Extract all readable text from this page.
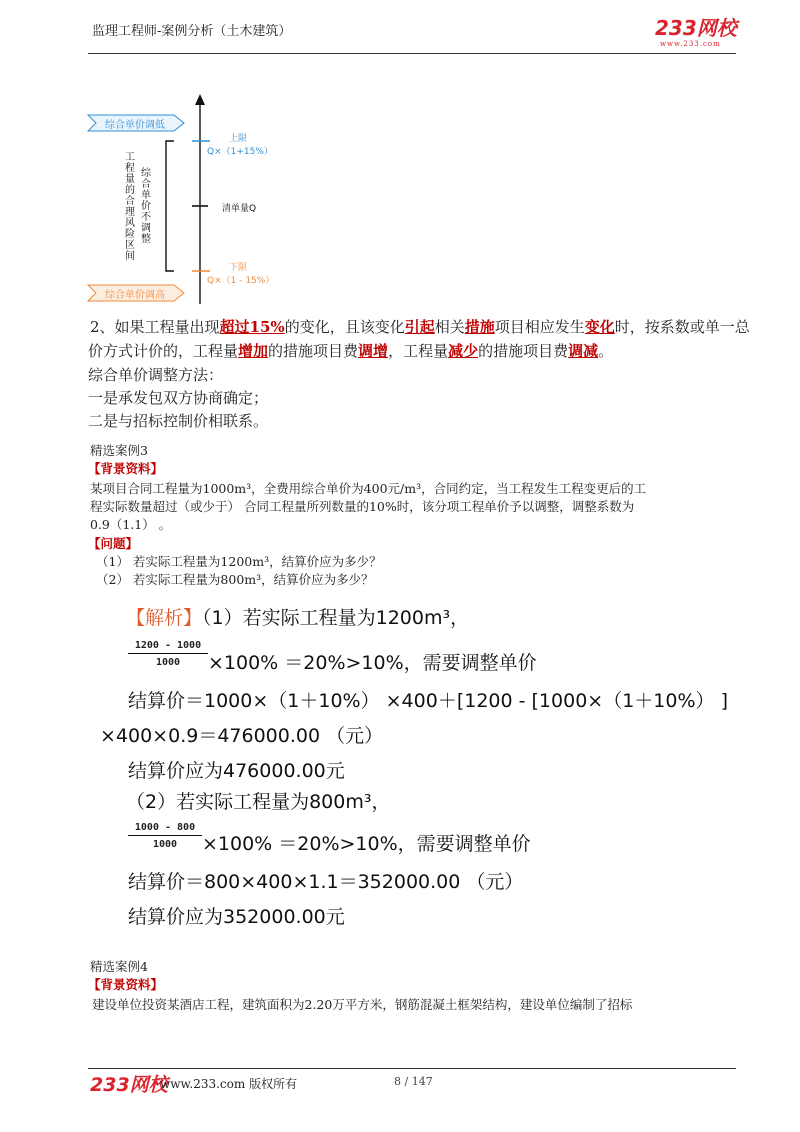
监理工程师-案例分析（土木建筑）	233网校
www.233.com
综合单价调低
综合单价调高
工程量的合理风险区间
综合单价不调整
上限
Q×（1+15%）
清单量Q
下限
Q×（1 - 15%）
2、如果工程量出现超过15%的变化，且该变化引起相关措施项目相应发生变化时，按系数或单一总
价方式计价的，工程量增加的措施项目费调增，工程量减少的措施项目费调减。
综合单价调整方法：
一是承发包双方协商确定；
二是与招标控制价相联系。
精选案例3
【背景资料】
某项目合同工程量为1000m³，全费用综合单价为400元/m³，合同约定，当工程发生工程变更后的工
程实际数量超过（或少于） 合同工程量所列数量的10%时，该分项工程单价予以调整，调整系数为
0.9（1.1） 。
【问题】
（1） 若实际工程量为1200m³，结算价应为多少？
（2） 若实际工程量为800m³，结算价应为多少？
【解析】（1）若实际工程量为1200m³，
1200 - 1000
1000	×100% ＝20%>10%，需要调整单价
结算价＝1000×（1＋10%） ×400＋[1200 - [1000×（1＋10%） ]
×400×0.9＝476000.00 （元）
结算价应为476000.00元
（2）若实际工程量为800m³，
1000 - 800
1000	×100% ＝20%>10%，需要调整单价
结算价＝800×400×1.1＝352000.00 （元）
结算价应为352000.00元
精选案例4
【背景资料】
建设单位投资某酒店工程，建筑面积为2.20万平方米，钢筋混凝土框架结构，建设单位编制了招标
233网校
www.233.com 版权所有	8 / 147
